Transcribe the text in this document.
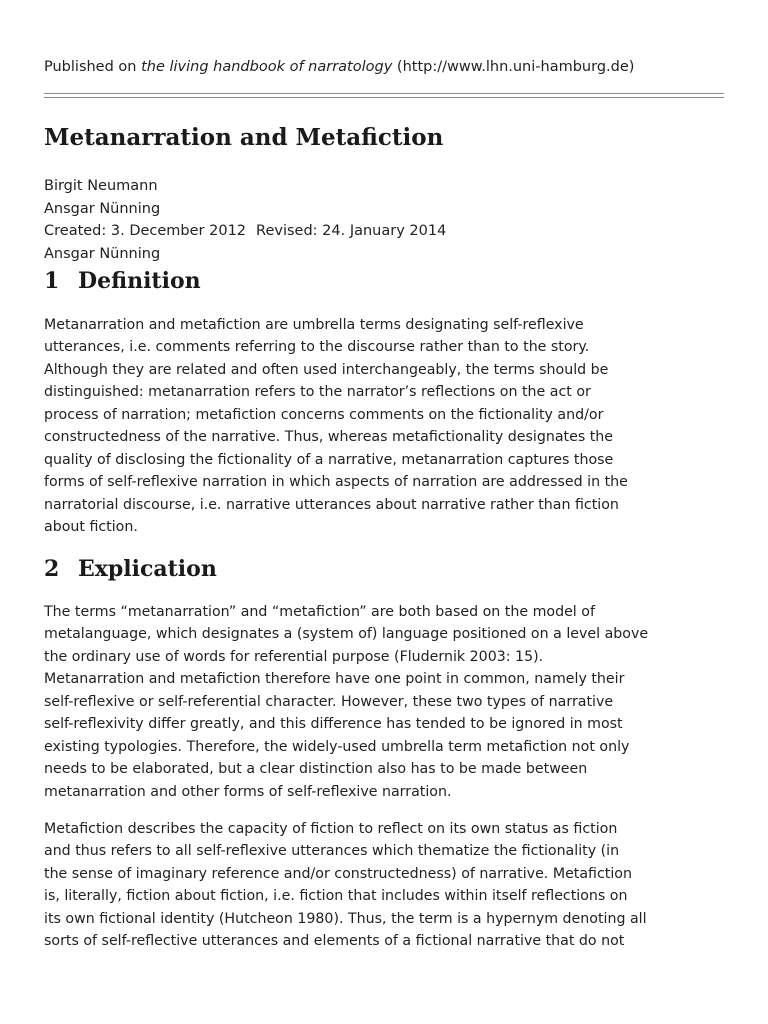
Published on the living handbook of narratology (http://www.lhn.uni-hamburg.de)
Metanarration and Metafiction
Birgit Neumann
Ansgar Nünning
Created: 3. December 2012 Revised: 24. January 2014
Ansgar Nünning
1 Definition
Metanarration and metafiction are umbrella terms designating self-reflexive
utterances, i.e. comments referring to the discourse rather than to the story.
Although they are related and often used interchangeably, the terms should be
distinguished: metanarration refers to the narrator’s reflections on the act or
process of narration; metafiction concerns comments on the fictionality and/or
constructedness of the narrative. Thus, whereas metafictionality designates the
quality of disclosing the fictionality of a narrative, metanarration captures those
forms of self-reflexive narration in which aspects of narration are addressed in the
narratorial discourse, i.e. narrative utterances about narrative rather than fiction
about fiction.
2 Explication
The terms “metanarration” and “metafiction” are both based on the model of
metalanguage, which designates a (system of) language positioned on a level above
the ordinary use of words for referential purpose (Fludernik 2003: 15).
Metanarration and metafiction therefore have one point in common, namely their
self-reflexive or self-referential character. However, these two types of narrative
self-reflexivity differ greatly, and this difference has tended to be ignored in most
existing typologies. Therefore, the widely-used umbrella term metafiction not only
needs to be elaborated, but a clear distinction also has to be made between
metanarration and other forms of self-reflexive narration.
Metafiction describes the capacity of fiction to reflect on its own status as fiction
and thus refers to all self-reflexive utterances which thematize the fictionality (in
the sense of imaginary reference and/or constructedness) of narrative. Metafiction
is, literally, fiction about fiction, i.e. fiction that includes within itself reflections on
its own fictional identity (Hutcheon 1980). Thus, the term is a hypernym denoting all
sorts of self-reflective utterances and elements of a fictional narrative that do not
